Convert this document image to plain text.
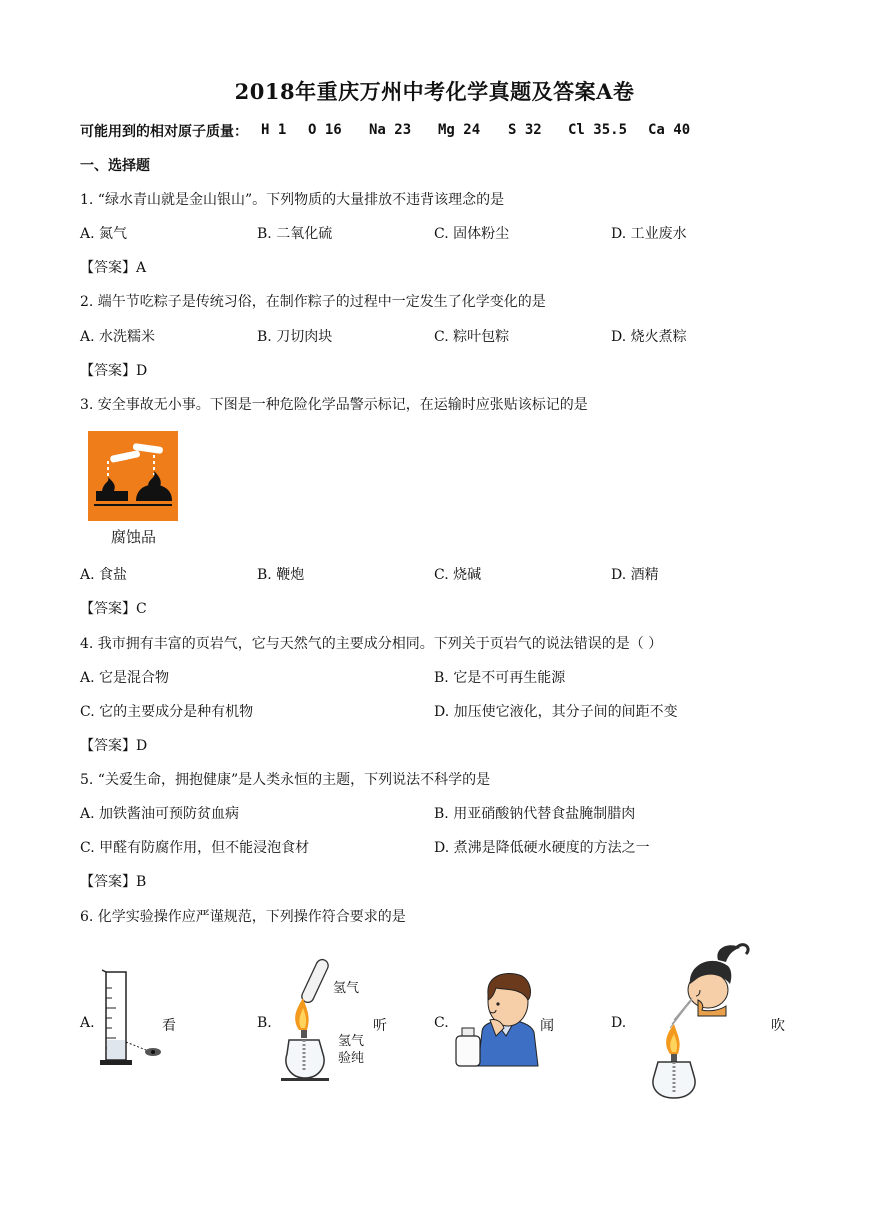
2018年重庆万州中考化学真题及答案A卷
可能用到的相对原子质量： H 1 O 16 Na 23 Mg 24 S 32 Cl 35.5 Ca 40
一、选择题
1. “绿水青山就是金山银山”。下列物质的大量排放不违背该理念的是
A. 氮气	B. 二氧化硫	C. 固体粉尘	D. 工业废水
【答案】A
2. 端午节吃粽子是传统习俗，在制作粽子的过程中一定发生了化学变化的是
A. 水洗糯米	B. 刀切肉块	C. 粽叶包粽	D. 烧火煮粽
【答案】D
3. 安全事故无小事。下图是一种危险化学品警示标记，在运输时应张贴该标记的是
腐蚀品
A. 食盐	B. 鞭炮	C. 烧碱	D. 酒精
【答案】C
4. 我市拥有丰富的页岩气，它与天然气的主要成分相同。下列关于页岩气的说法错误的是（ ）
A. 它是混合物	B. 它是不可再生能源
C. 它的主要成分是种有机物	D. 加压使它液化，其分子间的间距不变
【答案】D
5. “关爱生命，拥抱健康”是人类永恒的主题，下列说法不科学的是
A. 加铁酱油可预防贫血病	B. 用亚硝酸钠代替食盐腌制腊肉
C. 甲醛有防腐作用，但不能浸泡食材	D. 煮沸是降低硬水硬度的方法之一
【答案】B
6. 化学实验操作应严谨规范，下列操作符合要求的是
A.	看	B.
氢气
氢气
验纯
听	C.	闻	D.	吹
